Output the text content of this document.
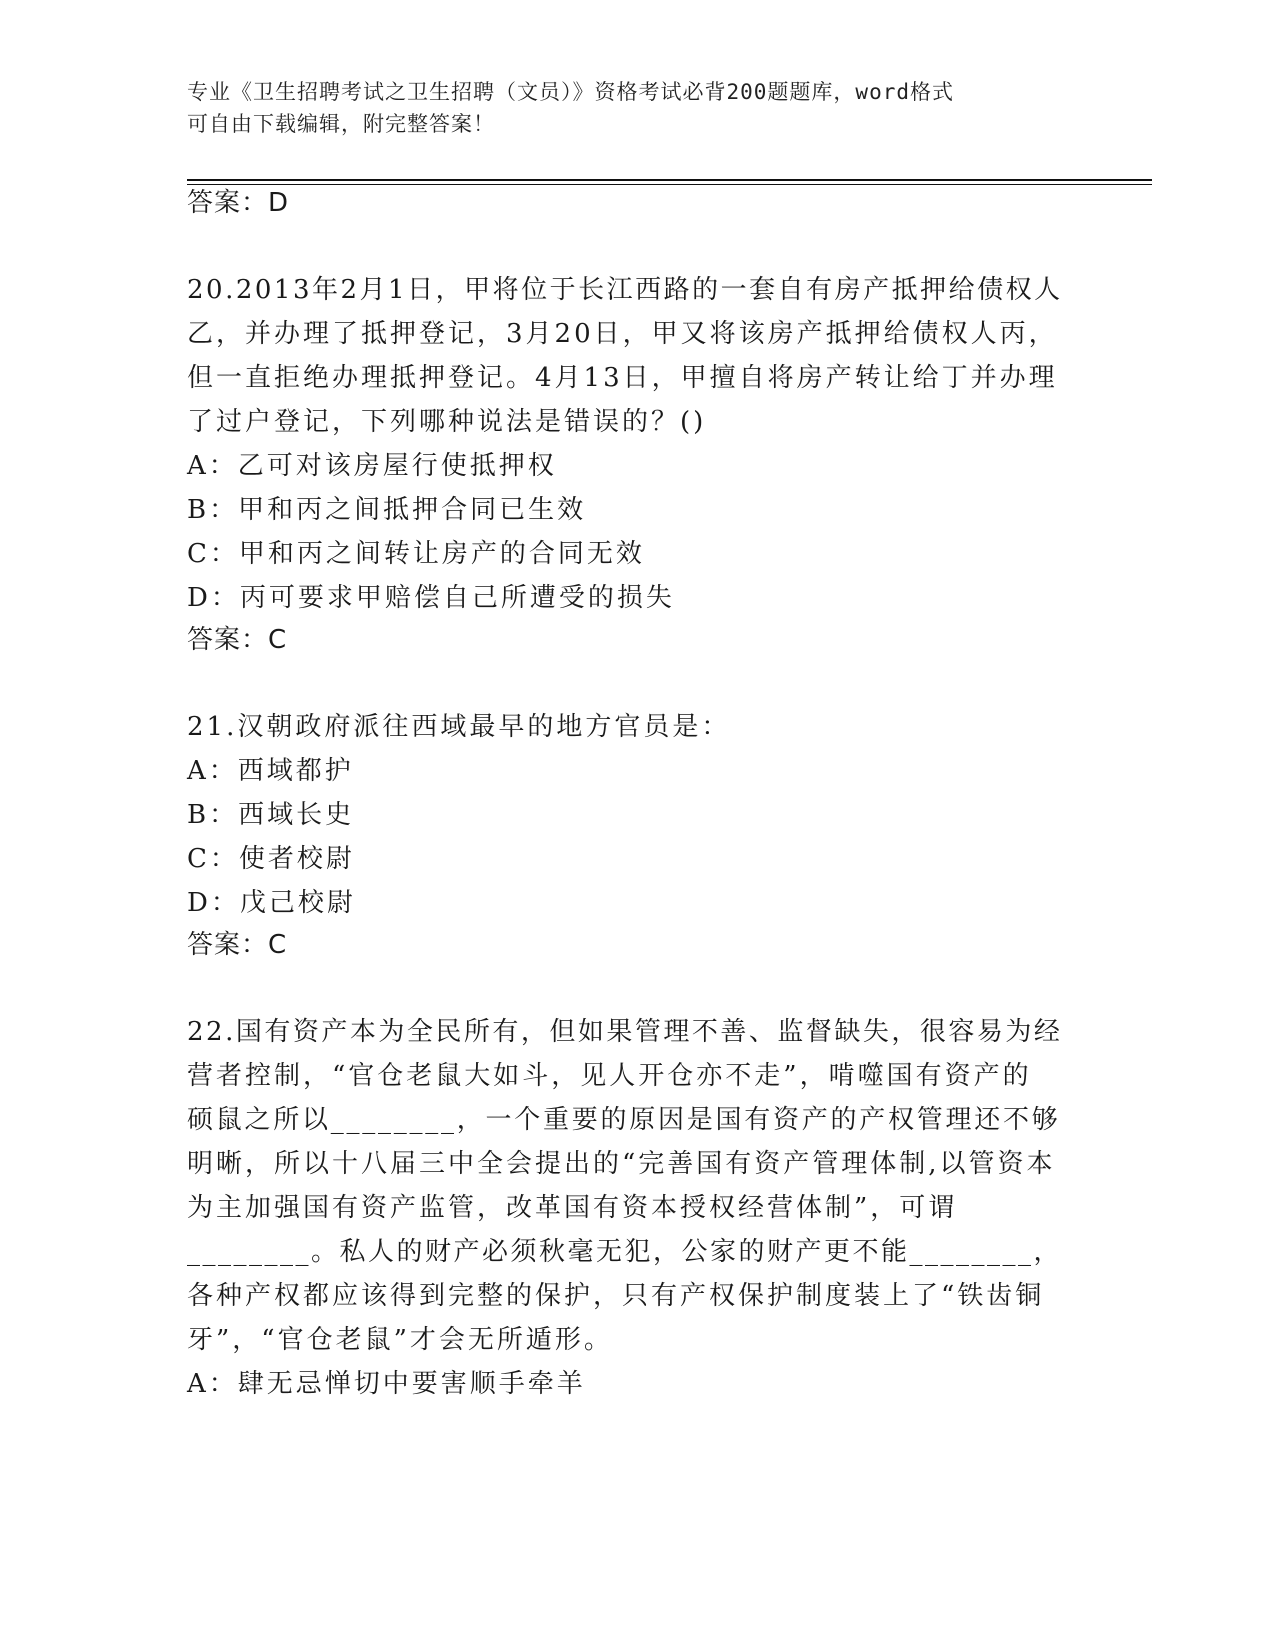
专业《卫生招聘考试之卫生招聘（文员）》资格考试必背200题题库，word格式
可自由下载编辑，附完整答案！
答案：D
20.2013年2月1日，甲将位于长江西路的一套自有房产抵押给债权人
乙，并办理了抵押登记，3月20日，甲又将该房产抵押给债权人丙，
但一直拒绝办理抵押登记。4月13日，甲擅自将房产转让给丁并办理
了过户登记，下列哪种说法是错误的？()
A：乙可对该房屋行使抵押权
B：甲和丙之间抵押合同已生效
C：甲和丙之间转让房产的合同无效
D：丙可要求甲赔偿自己所遭受的损失
答案：C
21.汉朝政府派往西域最早的地方官员是：
A：西域都护
B：西域长史
C：使者校尉
D：戊己校尉
答案：C
22.国有资产本为全民所有，但如果管理不善、监督缺失，很容易为经
营者控制，“官仓老鼠大如斗，见人开仓亦不走”，啃噬国有资产的
硕鼠之所以________，一个重要的原因是国有资产的产权管理还不够
明晰，所以十八届三中全会提出的“完善国有资产管理体制,以管资本
为主加强国有资产监管，改革国有资本授权经营体制”，可谓
________。私人的财产必须秋毫无犯，公家的财产更不能________，
各种产权都应该得到完整的保护，只有产权保护制度装上了“铁齿铜
牙”，“官仓老鼠”才会无所遁形。
A：肆无忌惮切中要害顺手牵羊
